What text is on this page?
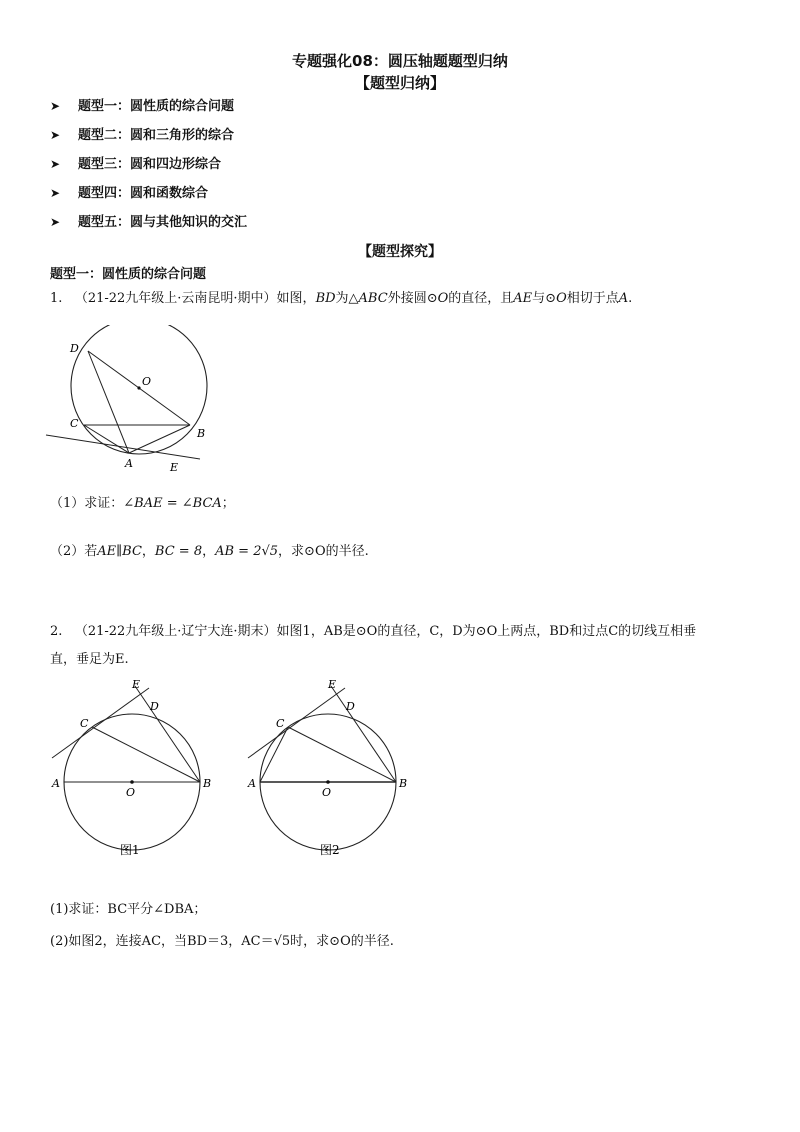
专题强化08：圆压轴题题型归纳
【题型归纳】
➤ 题型一：圆性质的综合问题
➤ 题型二：圆和三角形的综合
➤ 题型三：圆和四边形综合
➤ 题型四：圆和函数综合
➤ 题型五：圆与其他知识的交汇
【题型探究】
题型一：圆性质的综合问题
1. （21-22九年级上·云南昆明·期中）如图，BD为△ABC外接圆⊙O的直径，且AE与⊙O相切于点A.
D
O
C
B
A	E
（1）求证：∠BAE = ∠BCA；
（2）若AE∥BC，BC = 8，AB = 2√5，求⊙O的半径.
2. （21-22九年级上·辽宁大连·期末）如图1，AB是⊙O的直径，C，D为⊙O上两点，BD和过点C的切线互相垂
直，垂足为E.
E
D
C
A
O
B
图1
E
D
C
A
O
B
图2
(1)求证：BC平分∠DBA；
(2)如图2，连接AC，当BD＝3，AC＝√5时，求⊙O的半径.
